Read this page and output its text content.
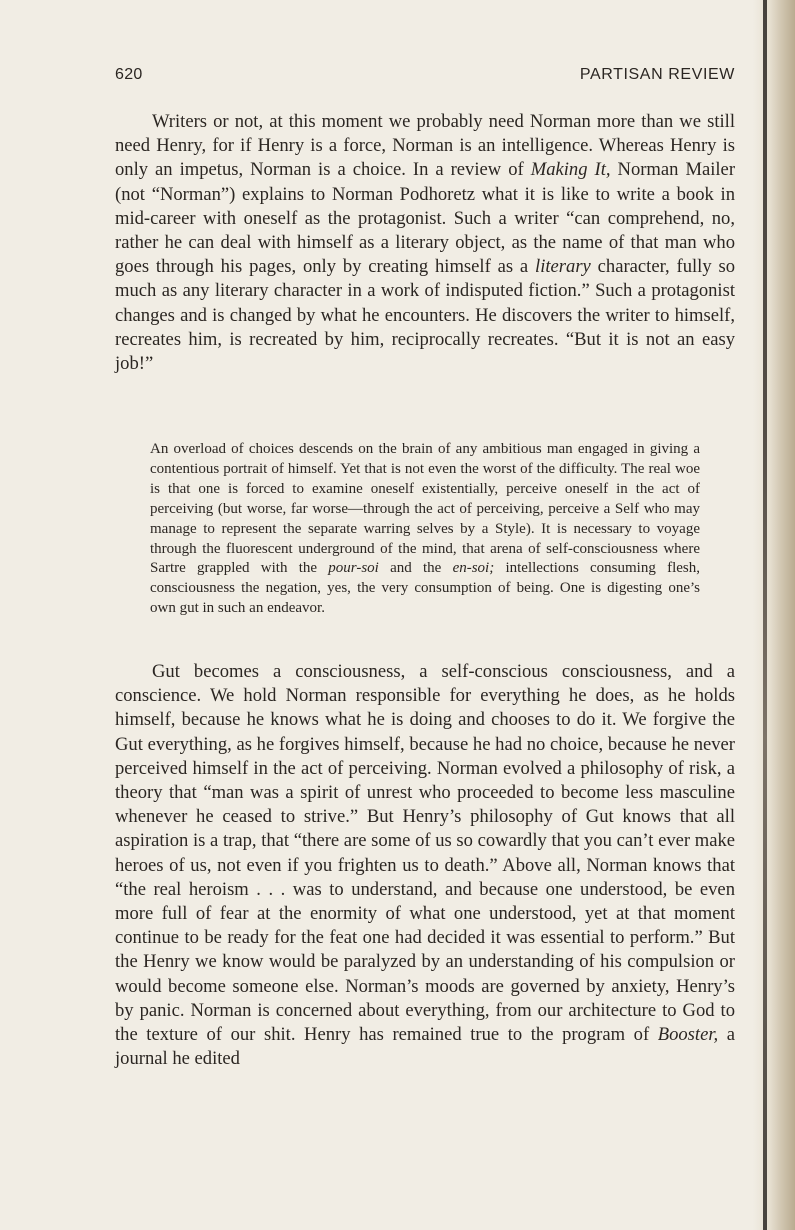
620	PARTISAN REVIEW

Writers or not, at this moment we probably need Norman more than we still need Henry, for if Henry is a force, Norman is an intelligence. Whereas Henry is only an impetus, Norman is a choice. In a review of Making It, Norman Mailer (not “Norman”) explains to Norman Podhoretz what it is like to write a book in mid-career with oneself as the protagonist. Such a writer “can comprehend, no, rather he can deal with himself as a literary object, as the name of that man who goes through his pages, only by creating himself as a literary character, fully so much as any literary character in a work of indisputed fiction.” Such a protagonist changes and is changed by what he encounters. He discovers the writer to himself, recreates him, is recreated by him, reciprocally recreates. “But it is not an easy job!”

An overload of choices descends on the brain of any ambitious man engaged in giving a contentious portrait of himself. Yet that is not even the worst of the difficulty. The real woe is that one is forced to examine oneself existentially, perceive oneself in the act of perceiving (but worse, far worse—through the act of perceiving, perceive a Self who may manage to represent the separate warring selves by a Style). It is necessary to voyage through the fluorescent underground of the mind, that arena of self-consciousness where Sartre grappled with the pour-soi and the en-soi; intellections consuming flesh, consciousness the negation, yes, the very consumption of being. One is digesting one’s own gut in such an endeavor.

Gut becomes a consciousness, a self-conscious consciousness, and a conscience. We hold Norman responsible for everything he does, as he holds himself, because he knows what he is doing and chooses to do it. We forgive the Gut everything, as he forgives himself, because he had no choice, because he never perceived himself in the act of perceiving. Norman evolved a philosophy of risk, a theory that “man was a spirit of unrest who proceeded to become less masculine whenever he ceased to strive.” But Henry’s philosophy of Gut knows that all aspiration is a trap, that “there are some of us so cowardly that you can’t ever make heroes of us, not even if you frighten us to death.” Above all, Norman knows that “the real heroism . . . was to understand, and because one understood, be even more full of fear at the enormity of what one understood, yet at that moment continue to be ready for the feat one had decided it was essential to perform.” But the Henry we know would be paralyzed by an understanding of his compulsion or would become someone else. Norman’s moods are governed by anxiety, Henry’s by panic. Norman is concerned about everything, from our architecture to God to the texture of our shit. Henry has remained true to the program of Booster, a journal he edited
